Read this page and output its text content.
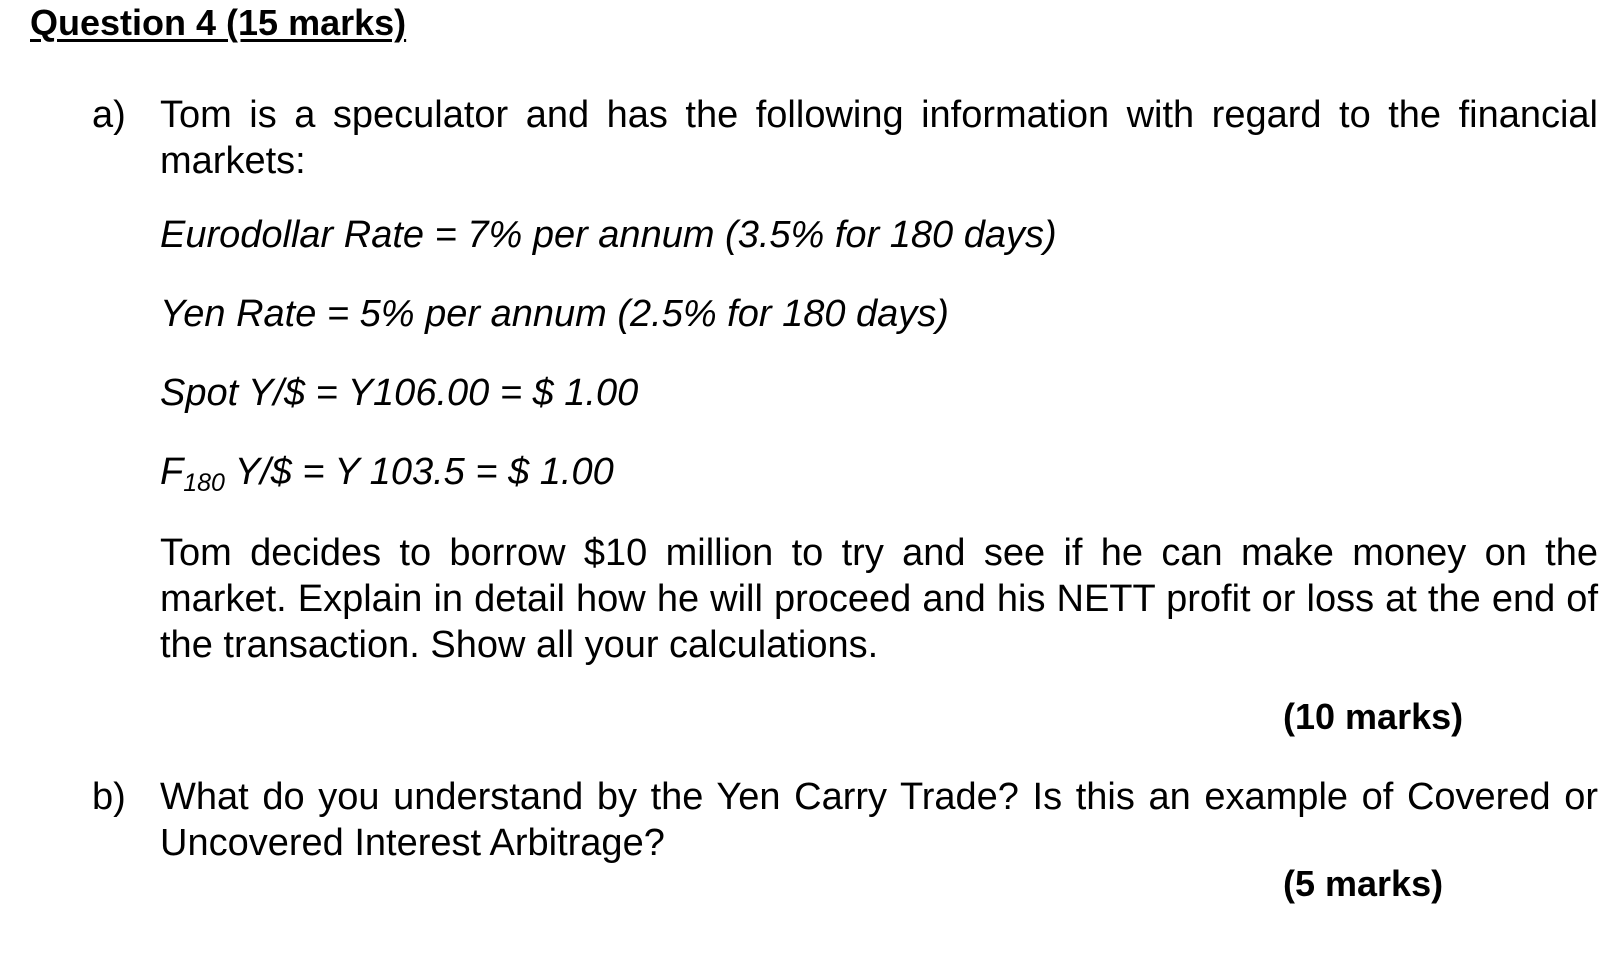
Question 4 (15 marks)
a) Tom is a speculator and has the following information with regard to the financial markets:
Eurodollar Rate = 7% per annum (3.5% for 180 days)
Yen Rate = 5% per annum (2.5% for 180 days)
Spot Y/$ = Y106.00 = $ 1.00
$F_{180}$ Y/$ = Y 103.5 = $ 1.00
Tom decides to borrow $10 million to try and see if he can make money on the market. Explain in detail how he will proceed and his NETT profit or loss at the end of the transaction. Show all your calculations.
(10 marks)
b) What do you understand by the Yen Carry Trade? Is this an example of Covered or Uncovered Interest Arbitrage?
(5 marks)
